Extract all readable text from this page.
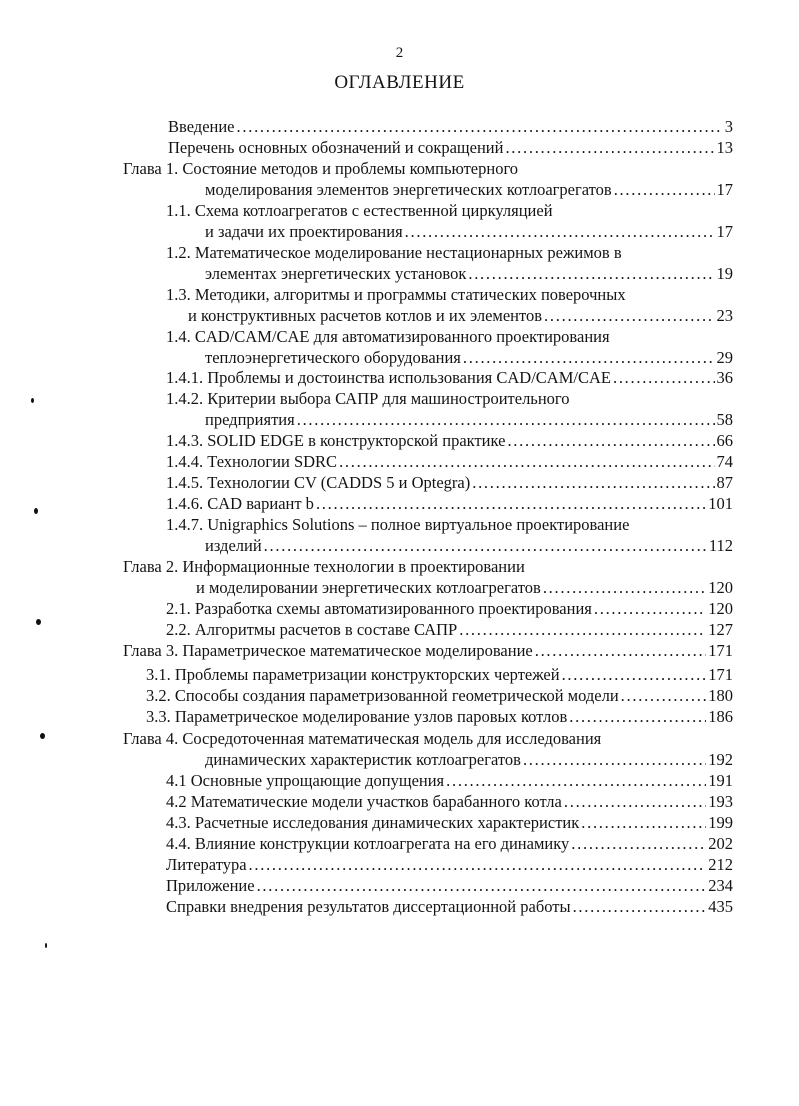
2
ОГЛАВЛЕНИЕ
Введение . . .	3
Перечень основных обозначений и сокращений . . .	13
Глава 1. Состояние методов и проблемы компьютерного
моделирования элементов энергетических котлоагрегатов . . .	17
1.1. Схема котлоагрегатов с естественной циркуляцией
и задачи их проектирования . . .	17
1.2. Математическое моделирование нестационарных режимов в
элементах энергетических установок . . .	19
1.3. Методики, алгоритмы и программы статических поверочных
и конструктивных расчетов котлов и их элементов . . .	23
1.4. CAD/CAM/CAE для автоматизированного проектирования
теплоэнергетического оборудования . . .	29
1.4.1. Проблемы и достоинства использования CAD/CAM/CAE . . .	36
1.4.2. Критерии выбора САПР для машиностроительного
предприятия . . .	58
1.4.3. SOLID EDGE в конструкторской практике . . .	66
1.4.4. Технологии SDRC . . .	74
1.4.5. Технологии CV (CADDS 5 и Optegra) . . .	87
1.4.6. CAD вариант b . . .	101
1.4.7. Unigraphics Solutions – полное виртуальное проектирование
изделий . . .	112
Глава 2. Информационные технологии в проектировании
и моделировании энергетических котлоагрегатов . . .	120
2.1. Разработка схемы автоматизированного проектирования . . .	120
2.2. Алгоритмы расчетов в составе САПР . . .	127
Глава 3. Параметрическое математическое моделирование . . .	171
3.1. Проблемы параметризации конструкторских чертежей . . .	171
3.2. Способы создания параметризованной геометрической модели . . .	180
3.3. Параметрическое моделирование узлов паровых котлов . . .	186
Глава 4. Сосредоточенная математическая модель для исследования
динамических характеристик котлоагрегатов . . .	192
4.1 Основные упрощающие допущения . . .	191
4.2 Математические модели участков барабанного котла . . .	193
4.3. Расчетные исследования динамических характеристик . . .	199
4.4. Влияние конструкции котлоагрегата на его динамику . . .	202
Литература . . .	212
Приложение . . .	234
Справки внедрения результатов диссертационной работы . . .	435
